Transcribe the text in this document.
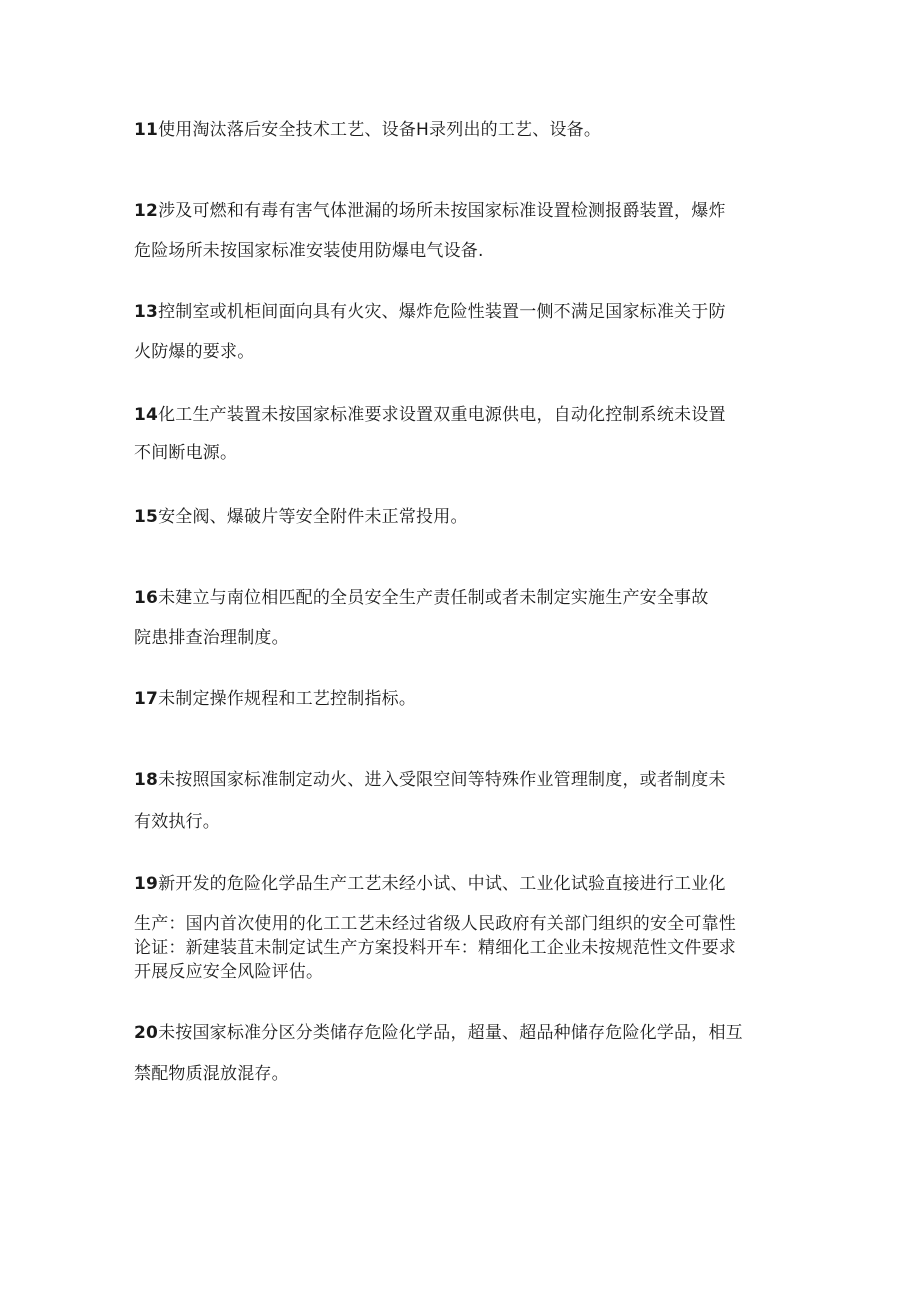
11使用淘汰落后安全技术工艺、设备H录列出的工艺、设备。

12涉及可燃和有毒有害气体泄漏的场所未按国家标准设置检测报爵装置，爆炸

危险场所未按国家标准安装使用防爆电气设备.

13控制室或机柜间面向具有火灾、爆炸危险性装置一侧不满足国家标准关于防

火防爆的要求。

14化工生产装置未按国家标准要求设置双重电源供电，自动化控制系统未设置

不间断电源。

15安全阀、爆破片等安全附件未正常投用。

16未建立与南位相匹配的全员安全生产责任制或者未制定实施生产安全事故

院患排查治理制度。

17未制定操作规程和工艺控制指标。

18未按照国家标准制定动火、进入受限空间等特殊作业管理制度，或者制度未

有效执行。

19新开发的危险化学品生产工艺未经小试、中试、工业化试验直接进行工业化

生产：国内首次使用的化工工艺未经过省级人民政府有关部门组织的安全可靠性

论证：新建装苴未制定试生产方案投料开车：精细化工企业未按规范性文件要求

开展反应安全风险评估。

20未按国家标准分区分类储存危险化学品，超量、超品种储存危险化学品，相互

禁配物质混放混存。
